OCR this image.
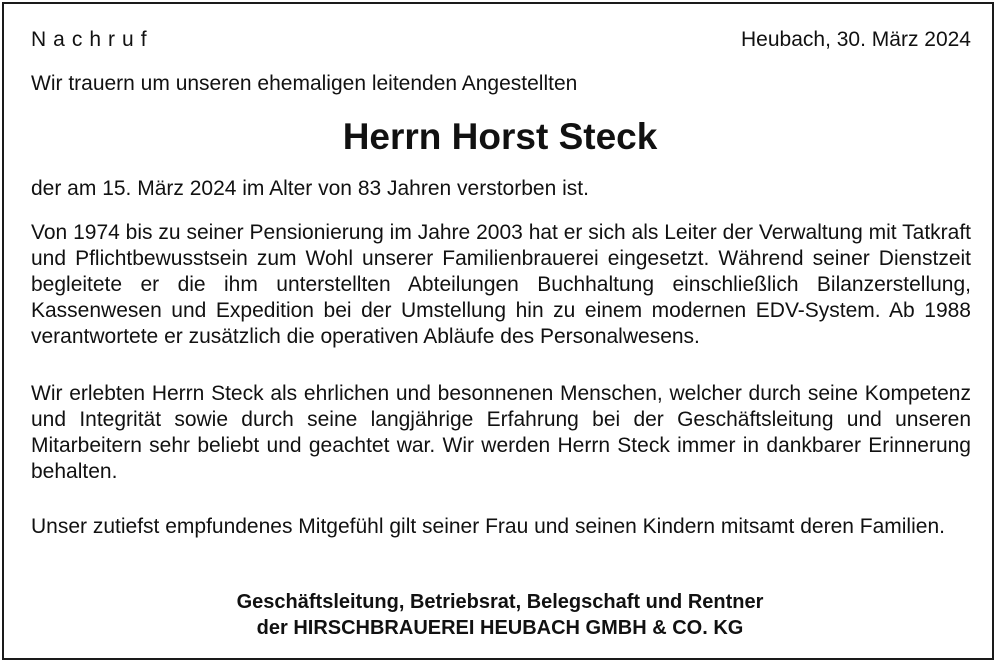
Nachruf	Heubach, 30. März 2024
Wir trauern um unseren ehemaligen leitenden Angestellten
Herrn Horst Steck
der am 15. März 2024 im Alter von 83 Jahren verstorben ist.
Von 1974 bis zu seiner Pensionierung im Jahre 2003 hat er sich als Leiter der Verwaltung mit Tatkraft und Pflichtbewusstsein zum Wohl unserer Familienbrauerei eingesetzt. Während seiner Dienstzeit begleitete er die ihm unterstellten Abteilungen Buchhaltung einschließlich Bilanzerstellung, Kassenwesen und Expedition bei der Umstellung hin zu einem modernen EDV-System. Ab 1988 verantwortete er zusätzlich die operativen Abläufe des Personalwesens.
Wir erlebten Herrn Steck als ehrlichen und besonnenen Menschen, welcher durch seine Kompetenz und Integrität sowie durch seine langjährige Erfahrung bei der Geschäftsleitung und unseren Mitarbeitern sehr beliebt und geachtet war. Wir werden Herrn Steck immer in dankbarer Erinnerung behalten.
Unser zutiefst empfundenes Mitgefühl gilt seiner Frau und seinen Kindern mitsamt deren Familien.
Geschäftsleitung, Betriebsrat, Belegschaft und Rentner
der HIRSCHBRAUEREI HEUBACH GMBH & CO. KG
